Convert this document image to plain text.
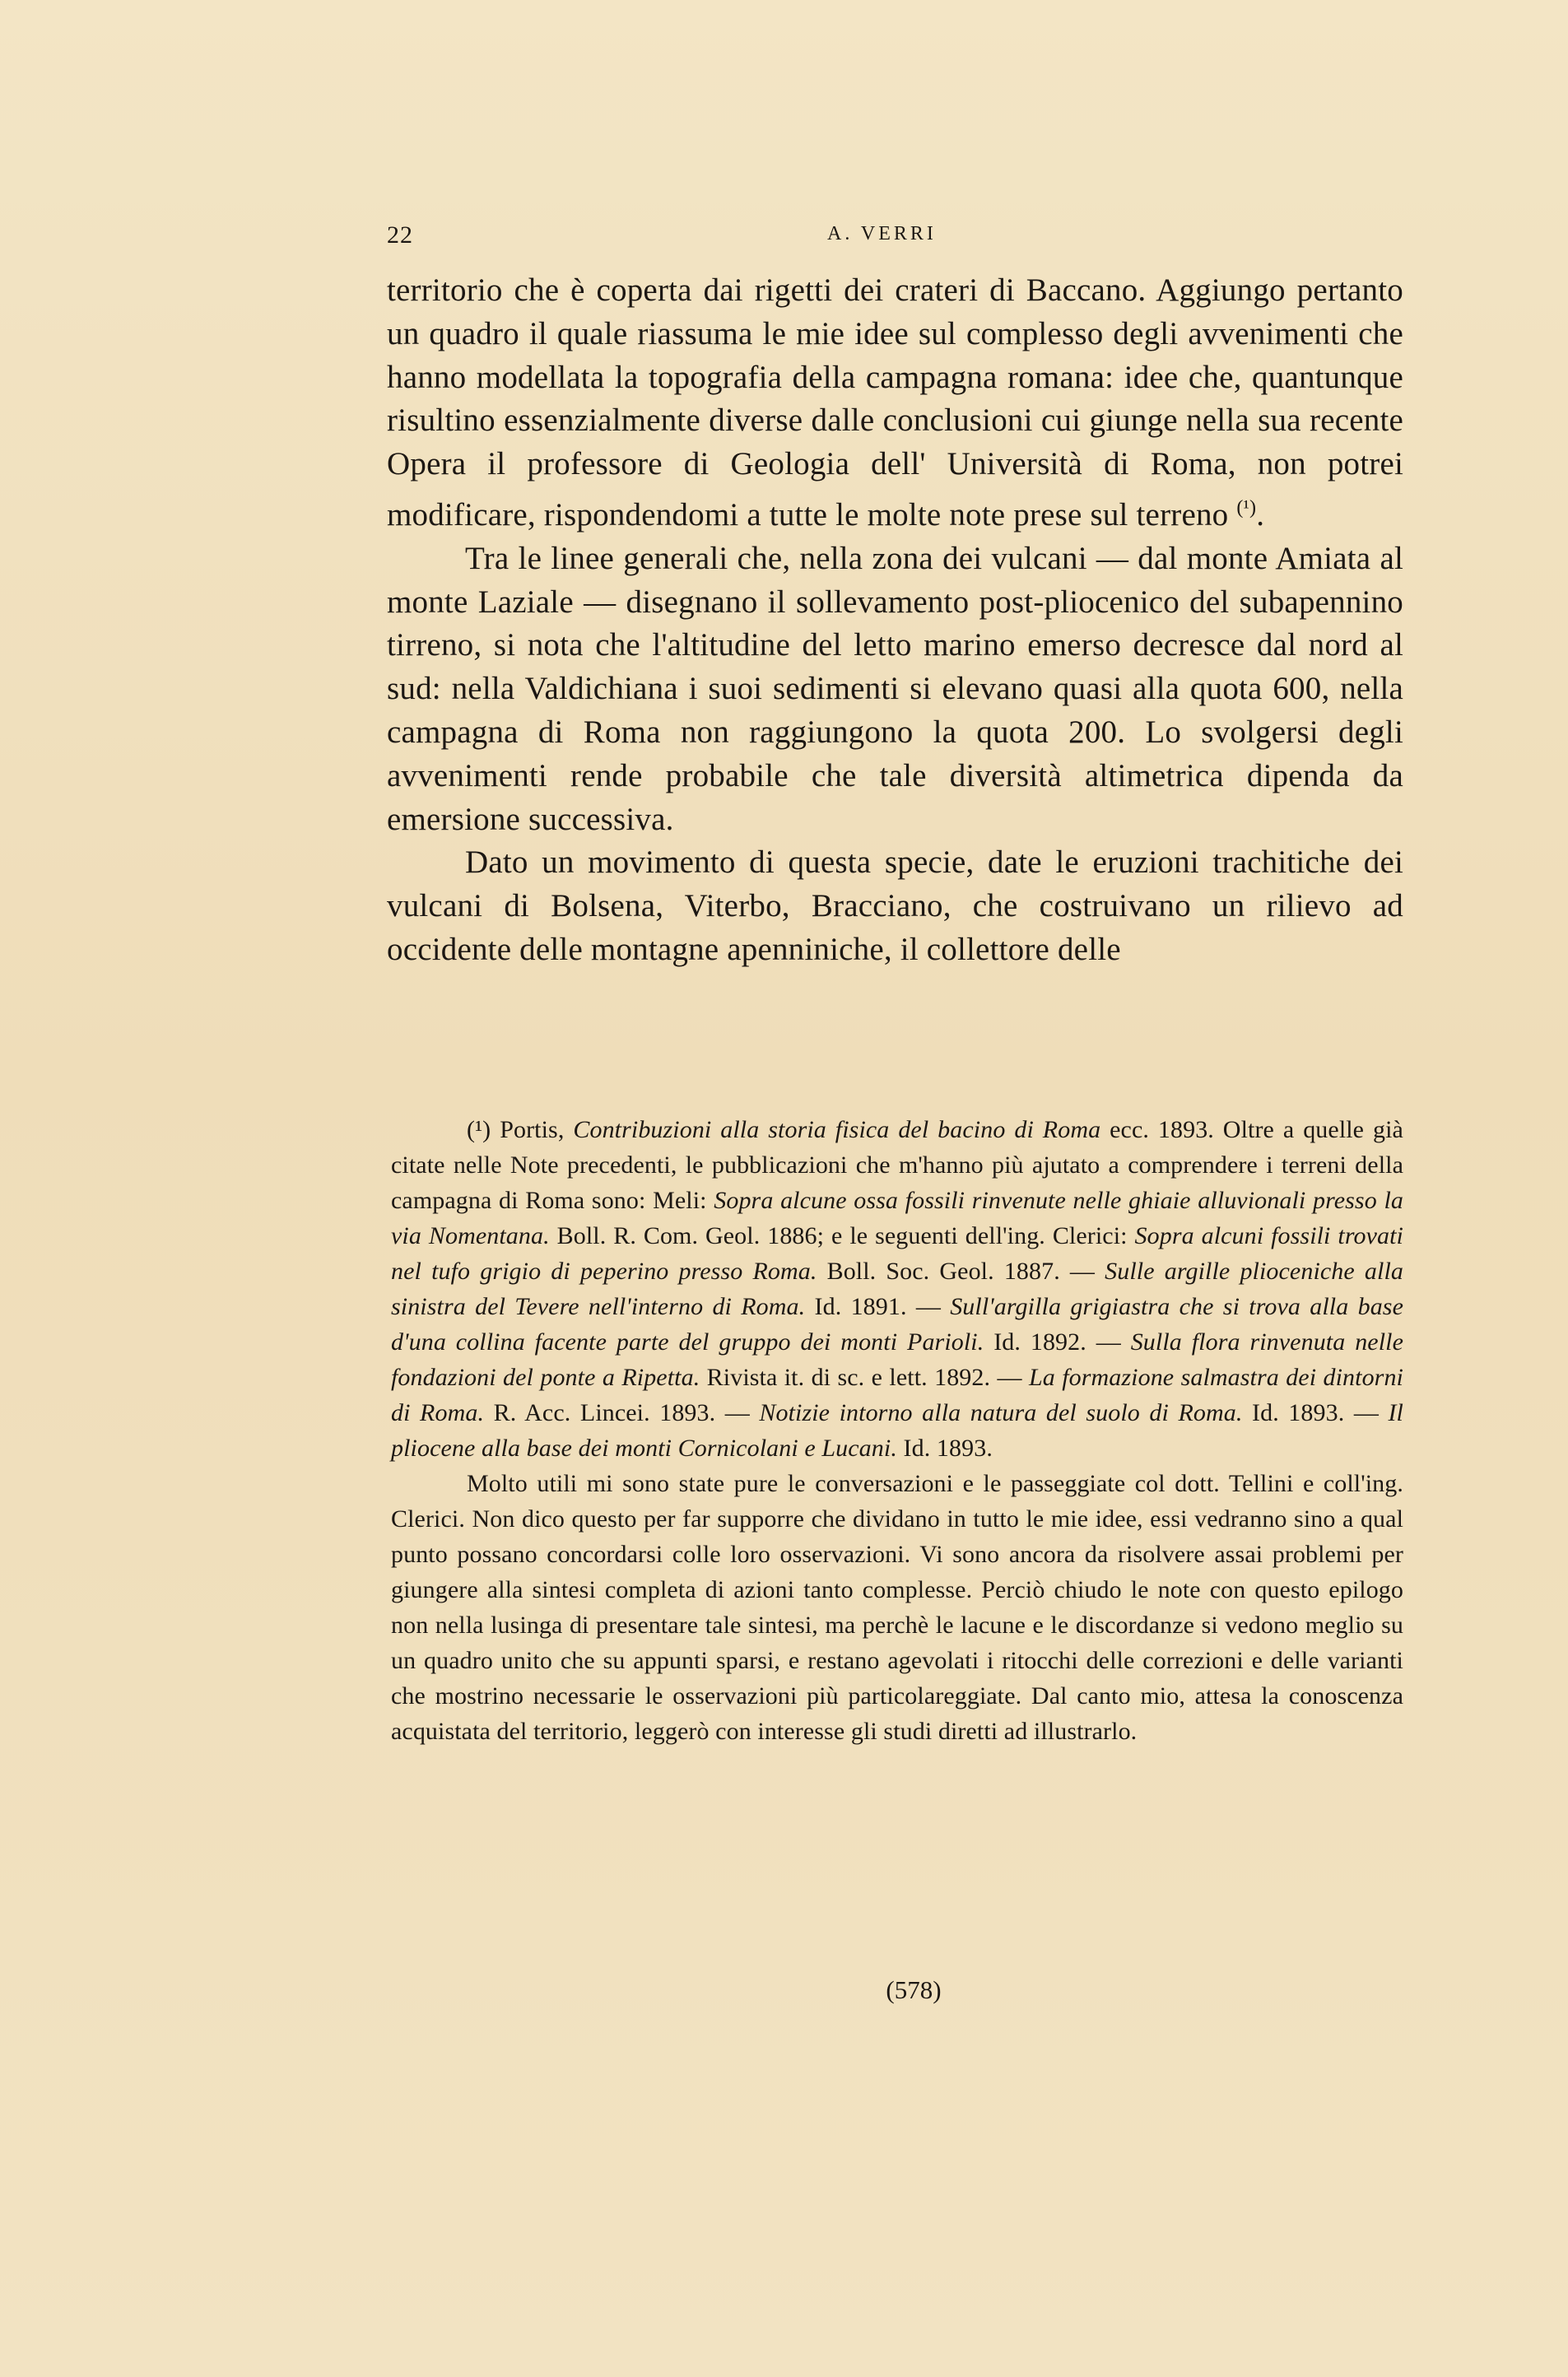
22	A. VERRI

territorio che è coperta dai rigetti dei crateri di Baccano. Aggiungo pertanto un quadro il quale riassuma le mie idee sul complesso degli avvenimenti che hanno modellata la topografia della campagna romana: idee che, quantunque risultino essenzialmente diverse dalle conclusioni cui giunge nella sua recente Opera il professore di Geologia dell' Università di Roma, non potrei modificare, rispondendomi a tutte le molte note prese sul terreno $^{(^1)}$.

Tra le linee generali che, nella zona dei vulcani — dal monte Amiata al monte Laziale — disegnano il sollevamento post-pliocenico del subapennino tirreno, si nota che l'altitudine del letto marino emerso decresce dal nord al sud: nella Valdichiana i suoi sedimenti si elevano quasi alla quota 600, nella campagna di Roma non raggiungono la quota 200. Lo svolgersi degli avvenimenti rende probabile che tale diversità altimetrica dipenda da emersione successiva.

Dato un movimento di questa specie, date le eruzioni trachitiche dei vulcani di Bolsena, Viterbo, Bracciano, che costruivano un rilievo ad occidente delle montagne apenniniche, il collettore delle

(¹) Portis, Contribuzioni alla storia fisica del bacino di Roma ecc. 1893. Oltre a quelle già citate nelle Note precedenti, le pubblicazioni che m'hanno più ajutato a comprendere i terreni della campagna di Roma sono: Meli: Sopra alcune ossa fossili rinvenute nelle ghiaie alluvionali presso la via Nomentana. Boll. R. Com. Geol. 1886; e le seguenti dell'ing. Clerici: Sopra alcuni fossili trovati nel tufo grigio di peperino presso Roma. Boll. Soc. Geol. 1887. — Sulle argille plioceniche alla sinistra del Tevere nell'interno di Roma. Id. 1891. — Sull'argilla grigiastra che si trova alla base d'una collina facente parte del gruppo dei monti Parioli. Id. 1892. — Sulla flora rinvenuta nelle fondazioni del ponte a Ripetta. Rivista it. di sc. e lett. 1892. — La formazione salmastra dei dintorni di Roma. R. Acc. Lincei. 1893. — Notizie intorno alla natura del suolo di Roma. Id. 1893. — Il pliocene alla base dei monti Cornicolani e Lucani. Id. 1893.

Molto utili mi sono state pure le conversazioni e le passeggiate col dott. Tellini e coll'ing. Clerici. Non dico questo per far supporre che dividano in tutto le mie idee, essi vedranno sino a qual punto possano concordarsi colle loro osservazioni. Vi sono ancora da risolvere assai problemi per giungere alla sintesi completa di azioni tanto complesse. Perciò chiudo le note con questo epilogo non nella lusinga di presentare tale sintesi, ma perchè le lacune e le discordanze si vedono meglio su un quadro unito che su appunti sparsi, e restano agevolati i ritocchi delle correzioni e delle varianti che mostrino necessarie le osservazioni più particolareggiate. Dal canto mio, attesa la conoscenza acquistata del territorio, leggerò con interesse gli studi diretti ad illustrarlo.

(578)
